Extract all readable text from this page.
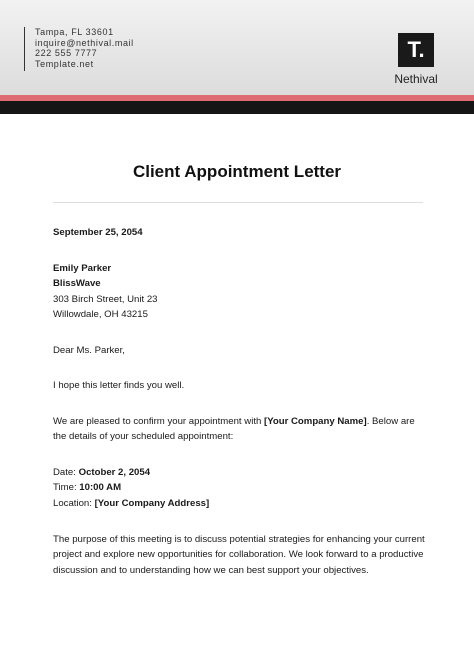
Tampa, FL 33601
inquire@nethival.mail
222 555 7777
Template.net
T.
Nethival
Client Appointment Letter
September 25, 2054
Emily Parker
BlissWave
303 Birch Street, Unit 23
Willowdale, OH 43215
Dear Ms. Parker,
I hope this letter finds you well.
We are pleased to confirm your appointment with [Your Company Name]. Below are the details of your scheduled appointment:
Date: October 2, 2054
Time: 10:00 AM
Location: [Your Company Address]
The purpose of this meeting is to discuss potential strategies for enhancing your current project and explore new opportunities for collaboration. We look forward to a productive discussion and to understanding how we can best support your objectives.
